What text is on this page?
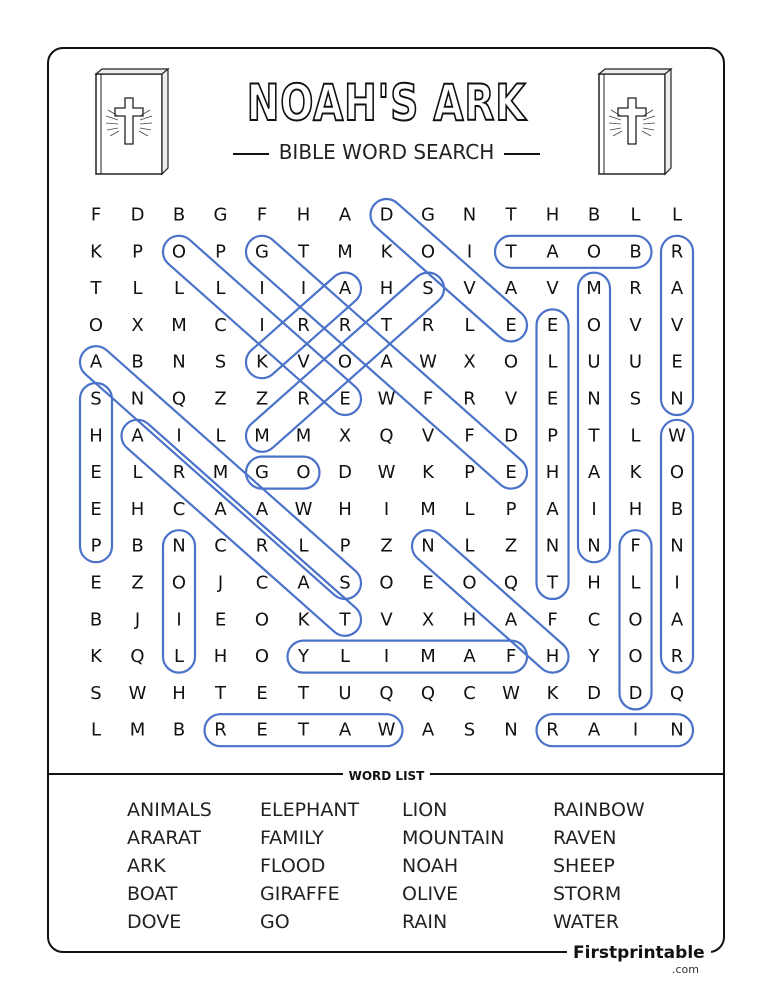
NOAH'S ARK
BIBLE WORD SEARCH
F D B G F H A D G N T H B L L
K P O P G T M K O I T A O B R
T L L L I I A H S V A V M R A
O X M C I R R T R L E E O V V
A B N S K V O A W X O L U U E
S N Q Z Z R E W F R V E N S N
H A I L M M X Q V F D P T L W
E L R M G O D W K P E H A K O
E H C A A W H I M L P A I H B
P B N C R L P Z N L Z N N F N
E Z O J C A S O E O Q T H L I
B J I E O K T V X H A F C O A
K Q L H O Y L I M A F H Y O R
S W H T E T U Q Q C W K D D Q
L M B R E T A W A S N R A I N
WORD LIST
ANIMALS	ELEPHANT	LION	RAINBOW
ARARAT	FAMILY	MOUNTAIN	RAVEN
ARK	FLOOD	NOAH	SHEEP
BOAT	GIRAFFE	OLIVE	STORM
DOVE	GO	RAIN	WATER
Firstprintable
.com
